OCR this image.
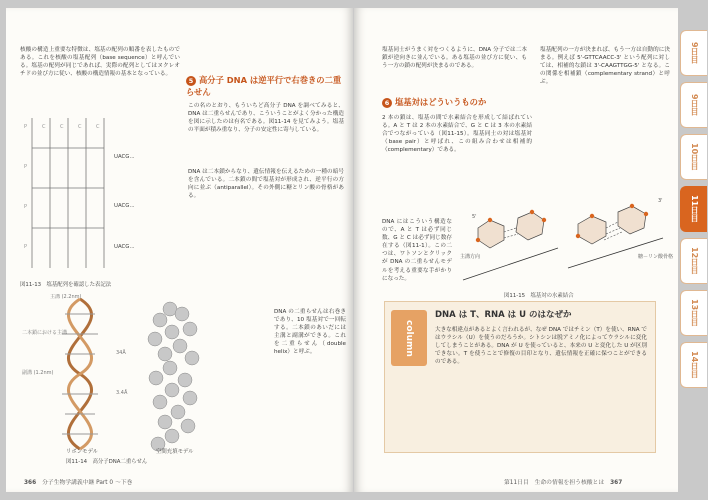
核酸の構造上重要な特徴は、塩基の配列の順番を表したものである。これを核酸の塩基配列（base sequence）と呼んでいる。塩基の配列が同じであれば、実際の配列としてはヌクレオチドの並び方に従い、核酸の構造情報の基本となっている。
P
P
P
P
C	C	C	C
UACG...
UACG...
UACG...
図11-13　塩基配列を確認した表記法
5 高分子 DNA は逆平行で右巻きの二重らせん
この名のとおり、もういちど高分子 DNA を調べてみると、DNA は二重らせんであり、こういうことがよく分かった構造を図に示したのは有名である。図11-14 を見てみよう。塩基の平面が積み重なり、分子の安定性に寄与している。
DNA は二本鎖からなり、遺伝情報を伝えるための一種の暗号を含んでいる。二本鎖の間で塩基対が形成され、逆平行の方向に並ぶ（antiparallel）。その外側に糖とリン酸の骨格がある。
DNA の二重らせんは右巻きであり、10 塩基対で一回転する。二本鎖のあいだには主溝と副溝ができる。これを二重らせん（double helix）と呼ぶ。
二本鎖における主溝
副溝 (1.2nm)
34Å
3.4Å
主溝 (2.2nm)
リボンモデル	空間充填モデル
図11-14　高分子DNA二重らせん
366 分子生物学講義中継 Part 0 ～下巻
塩基同士がうまく対をつくるように、DNA 分子では二本鎖が逆向きに並んでいる。ある塩基の並び方に従い、もう一方の鎖の配列が決まるのである。
6 塩基対はどういうものか
2 本の鎖は、塩基の間で水素結合を形成して結ばれている。A と T は 2 本の水素結合で、G と C は 3 本の水素結合でつながっている（図11-15）。塩基同士の対は塩基対（base pair）と呼ばれ、この組み合わせは相補的（complementary）である。
DNA にはこういう構造なので、A と T は必ず同じ数、G と C は必ず同じ数存在する（図11-1）。この二つは、ワトソンとクリックが DNA の二重らせんモデルを考える重要な手がかりになった。
塩基配列の一方が決まれば、もう一方は自動的に決まる。例えば 5'-GTTCAACC-3' という配列に対しては、相補的な鎖は 3'-CAAGTTGG-5' となる。この関係を相補鎖（complementary strand）と呼ぶ。
主溝方向	糖－リン酸骨格
5'
3'
図11-15　塩基対の水素結合
第11日目　生命の情報を担う核酸とは 367
column
DNA は T、RNA は U のはなぜか
大きな相違点があるとよく言われるが、なぜ DNA ではチミン（T）を使い、RNA ではウラシル（U）を使うのだろうか。シトシンは脱アミノ化によってウラシルに変化してしまうことがある。DNA が U を使っていると、本来の U と変化した U が区別できない。T を使うことで修復の目印となり、遺伝情報を正確に保つことができるのである。
9日目
9日目
10日目
11日目
12日目
13日目
14日目
